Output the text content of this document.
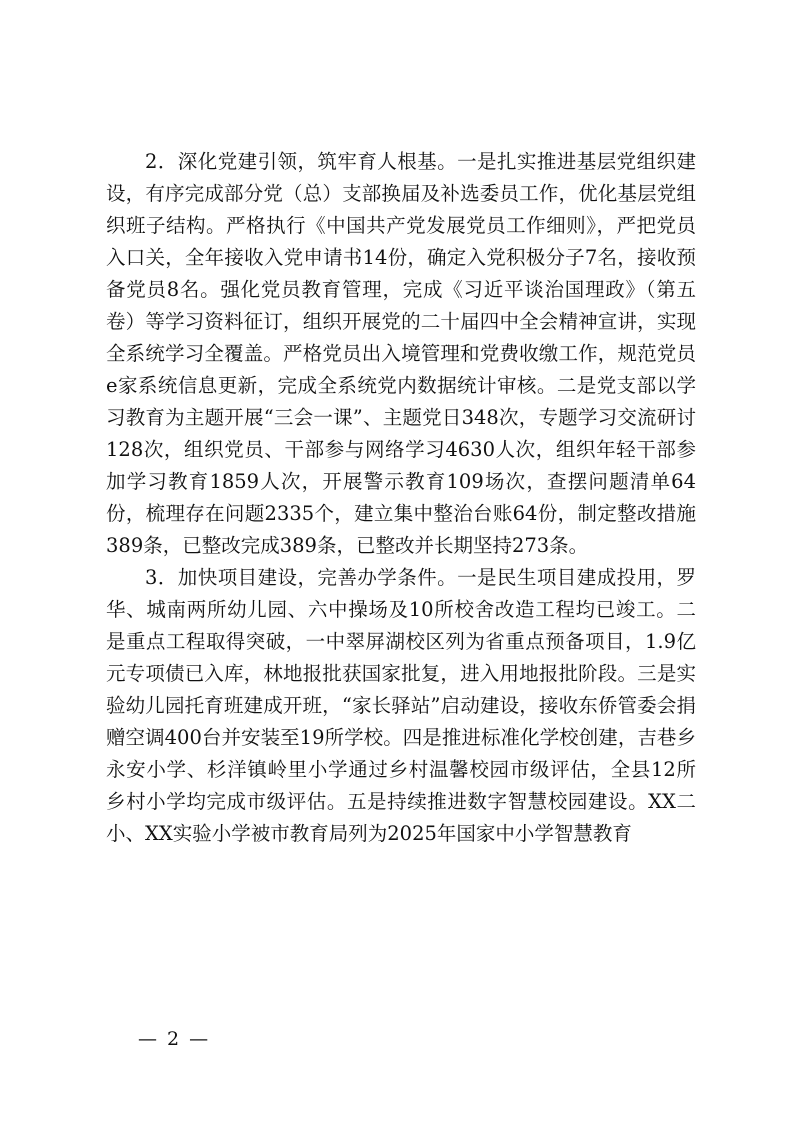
2．深化党建引领，筑牢育人根基。一是扎实推进基层党组织建设，有序完成部分党（总）支部换届及补选委员工作，优化基层党组织班子结构。严格执行《中国共产党发展党员工作细则》，严把党员入口关，全年接收入党申请书14份，确定入党积极分子7名，接收预备党员8名。强化党员教育管理，完成《习近平谈治国理政》（第五卷）等学习资料征订，组织开展党的二十届四中全会精神宣讲，实现全系统学习全覆盖。严格党员出入境管理和党费收缴工作，规范党员e家系统信息更新，完成全系统党内数据统计审核。二是党支部以学习教育为主题开展“三会一课”、主题党日348次，专题学习交流研讨128次，组织党员、干部参与网络学习4630人次，组织年轻干部参加学习教育1859人次，开展警示教育109场次，查摆问题清单64份，梳理存在问题2335个，建立集中整治台账64份，制定整改措施389条，已整改完成389条，已整改并长期坚持273条。

3．加快项目建设，完善办学条件。一是民生项目建成投用，罗华、城南两所幼儿园、六中操场及10所校舍改造工程均已竣工。二是重点工程取得突破，一中翠屏湖校区列为省重点预备项目，1.9亿元专项债已入库，林地报批获国家批复，进入用地报批阶段。三是实验幼儿园托育班建成开班，“家长驿站”启动建设，接收东侨管委会捐赠空调400台并安装至19所学校。四是推进标准化学校创建，吉巷乡永安小学、杉洋镇岭里小学通过乡村温馨校园市级评估，全县12所乡村小学均完成市级评估。五是持续推进数字智慧校园建设。XX二小、XX实验小学被市教育局列为2025年国家中小学智慧教育

— 2 —
